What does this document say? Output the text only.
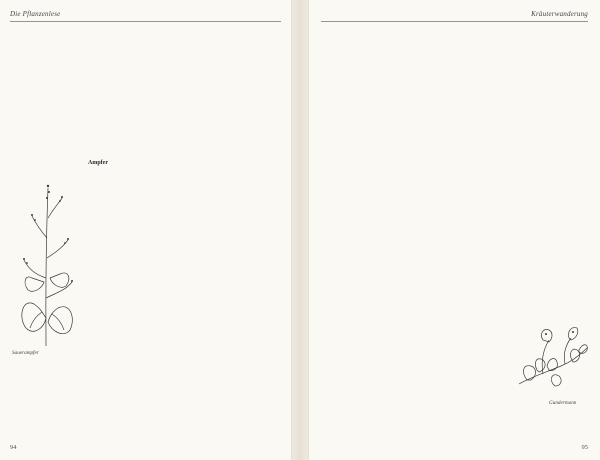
Die Pflanzenlese
Ampfer
Sauerampfer
94
Kräuterwanderung
Gundermann
95
